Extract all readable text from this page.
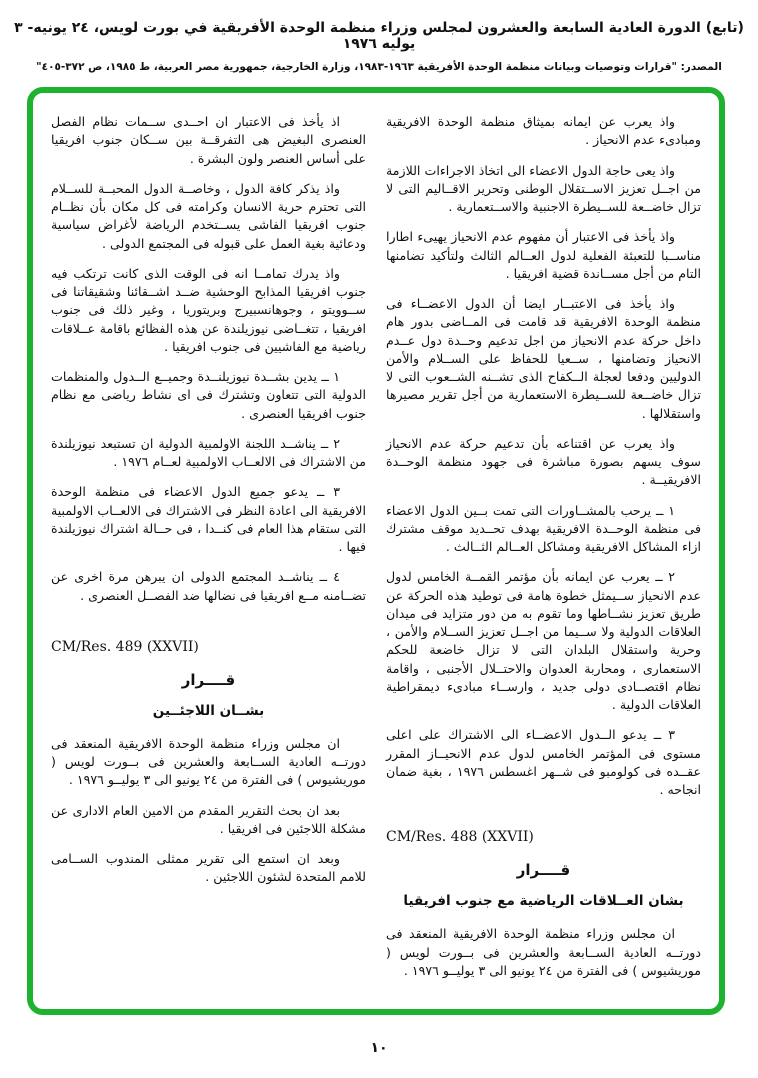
(تابع) الدورة العادية السابعة والعشرون لمجلس وزراء منظمة الوحدة الأفريقية في بورت لويس، ٢٤ يونيه- ٣ يوليه ١٩٧٦
المصدر: "قرارات وتوصيات وبيانات منظمة الوحدة الأفريقية ١٩٦٣-١٩٨٣، وزارة الخارجية، جمهورية مصر العربية، ط ١٩٨٥، ص ٣٧٢-٤٠٥"

واذ يعرب عن ايمانه بميثاق منظمة الوحدة الافريقية ومبادىء عدم الانحياز .

واذ يعى حاجة الدول الاعضاء الى اتخاذ الاجراءات اللازمة من اجــل تعزيز الاســتقلال الوطنى وتحرير الاقــاليم التى لا تزال خاضــعة للســيطرة الاجنبية والاســتعمارية .

واذ يأخذ فى الاعتبار أن مفهوم عدم الانحياز يهيىء اطارا مناســبا للتعبئة الفعلية لدول العــالم الثالث ولتأكيد تضامنها التام من أجل مســاندة قضية افريقيا .

واذ يأخذ فى الاعتبــار ايضا أن الدول الاعضــاء فى منظمة الوحدة الافريقية قد قامت فى المــاضى بدور هام داخل حركة عدم الانحياز من اجل تدعيم وحــدة دول عــدم الانحياز وتضامنها ، ســعيا للحفاظ على الســلام والأمن الدوليين ودفعا لعجلة الــكفاح الذى تشــنه الشــعوب التى لا تزال خاضــعة للســيطرة الاستعمارية من أجل تقرير مصيرها واستقلالها .

واذ يعرب عن اقتناعه بأن تدعيم حركة عدم الانحياز سوف يسهم بصورة مباشرة فى جهود منظمة الوحــدة الافريقيــة .

١ ــ يرحب بالمشــاورات التى تمت بــين الدول الاعضاء فى منظمة الوحــدة الافريقية بهدف تحــديد موقف مشترك ازاء المشاكل الافريقية ومشاكل العــالم الثــالث .

٢ ــ يعرب عن ايمانه بأن مؤتمر القمــة الخامس لدول عدم الانحياز ســيمثل خطوة هامة فى توطيد هذه الحركة عن طريق تعزيز نشــاطها وما تقوم به من دور متزايد فى ميدان العلاقات الدولية ولا ســيما من اجــل تعزيز الســلام والأمن ، وحرية واستقلال البلدان التى لا تزال خاضعة للحكم الاستعمارى ، ومحاربة العدوان والاحتــلال الأجنبى ، واقامة نظام اقتصــادى دولى جديد ، وارســاء مبادىء ديمقراطية العلاقات الدولية .

٣ ــ يدعو الــدول الاعضــاء الى الاشتراك على اعلى مستوى فى المؤتمر الخامس لدول عدم الانحيــاز المقرر عقــده فى كولومبو فى شــهر اغسطس ١٩٧٦ ، بغية ضمان انجاحه .

CM/Res. 488 (XXVII)
قــــرار
بشان العــلاقات الرياضية مع جنوب افريقيا

ان مجلس وزراء منظمة الوحدة الافريقية المنعقد فى دورتــه العادية الســابعة والعشرين فى بــورت لويس ( موريشيوس ) فى الفترة من ٢٤ يونيو الى ٣ يوليــو ١٩٧٦ .

اذ يأخذ فى الاعتبار ان احــدى ســمات نظام الفصل العنصرى البغيض هى التفرقــة بين ســكان جنوب افريقيا على أساس العنصر ولون البشرة .

واذ يذكر كافة الدول ، وخاصــة الدول المحبــة للســلام التى تحترم حرية الانسان وكرامته فى كل مكان بأن نظــام جنوب افريقيا الفاشى يســتخدم الرياضة لأغراض سياسية ودعائية بغية العمل على قبوله فى المجتمع الدولى .

واذ يدرك تمامــا انه فى الوقت الذى كانت ترتكب فيه جنوب افريقيا المذابح الوحشية ضــد اشــقائنا وشقيقاتنا فى ســوويتو ، وجوهانسبيرج وبريتوريا ، وغير ذلك فى جنوب افريقيا ، تتغــاضى نيوزيلندة عن هذه الفظائع باقامة عــلاقات رياضية مع الفاشيين فى جنوب افريقيا .

١ ــ يدين بشــدة نيوزيلنــدة وجميــع الــدول والمنظمات الدولية التى تتعاون وتشترك فى اى نشاط رياضى مع نظام جنوب افريقيا العنصرى .

٢ ــ يناشــد اللجنة الاولمبية الدولية ان تستبعد نيوزيلندة من الاشتراك فى الالعــاب الاولمبية لعــام ١٩٧٦ .

٣ ــ يدعو جميع الدول الاعضاء فى منظمة الوحدة الافريقية الى اعادة النظر فى الاشتراك فى الالعــاب الاولمبية التى ستقام هذا العام فى كنــدا ، فى حــالة اشتراك نيوزيلندة فيها .

٤ ــ يناشــد المجتمع الدولى ان يبرهن مرة اخرى عن تضــامنه مــع افريقيا فى نضالها ضد الفصــل العنصرى .

CM/Res. 489 (XXVII)
قــــرار
بشــان اللاجئــين

ان مجلس وزراء منظمة الوحدة الافريقية المنعقد فى دورتــه العادية الســابعة والعشرين فى بــورت لويس ( موريشيوس ) فى الفترة من ٢٤ يونيو الى ٣ يوليــو ١٩٧٦ .

بعد ان بحث التقرير المقدم من الامين العام الادارى عن مشكلة اللاجئين فى افريقيا .

وبعد ان استمع الى تقرير ممثلى المندوب الســامى للامم المتحدة لشئون اللاجئين .

١٠
